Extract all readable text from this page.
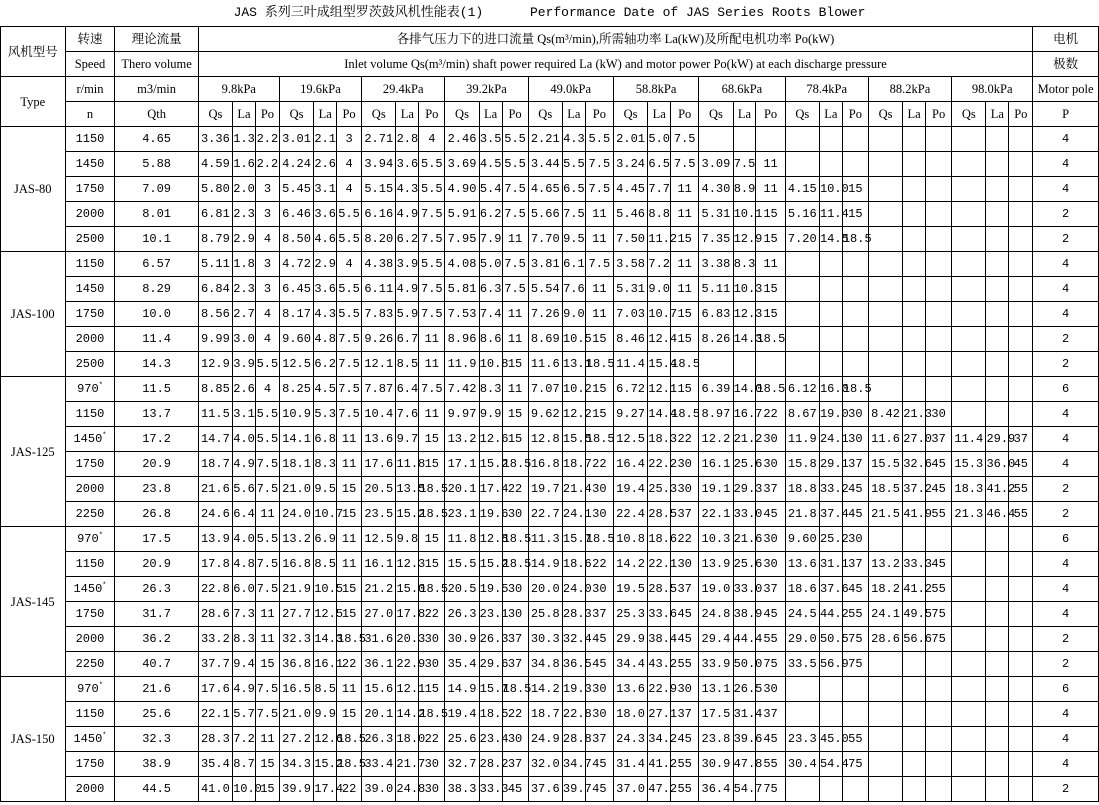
JAS 系列三叶成组型罗茨鼓风机性能表(1)      Performance Date of JAS Series Roots Blower
风机型号	转速	理论流量	各排气压力下的进口流量 Qs(m³/min),所需轴功率 La(kW)及所配电机功率 Po(kW)																														电机
	Speed	Thero volume	Inlet volume Qs(m³/min) shaft power required La (kW) and motor power Po(kW) at each discharge pressure																														极数
Type	r/min	m3/min	9.8kPa			19.6kPa			29.4kPa			39.2kPa			49.0kPa			58.8kPa			68.6kPa			78.4kPa			88.2kPa			98.0kPa			Motor pole
	n	Qth	Qs	La	Po	Qs	La	Po	Qs	La	Po	Qs	La	Po	Qs	La	Po	Qs	La	Po	Qs	La	Po	Qs	La	Po	Qs	La	Po	Qs	La	Po	P
JAS-80	1150	4.65	3.36	1.3	2.2	3.01	2.1	3	2.71	2.8	4	2.46	3.5	5.5	2.21	4.3	5.5	2.01	5.0	7.5													4
	1450	5.88	4.59	1.6	2.2	4.24	2.6	4	3.94	3.6	5.5	3.69	4.5	5.5	3.44	5.5	7.5	3.24	6.5	7.5	3.09	7.5	11										4
	1750	7.09	5.80	2.0	3	5.45	3.1	4	5.15	4.3	5.5	4.90	5.4	7.5	4.65	6.5	7.5	4.45	7.7	11	4.30	8.9	11	4.15	10.0	15							4
	2000	8.01	6.81	2.3	3	6.46	3.6	5.5	6.16	4.9	7.5	5.91	6.2	7.5	5.66	7.5	11	5.46	8.8	11	5.31	10.1	15	5.16	11.4	15							2
	2500	10.1	8.79	2.9	4	8.50	4.6	5.5	8.20	6.2	7.5	7.95	7.9	11	7.70	9.5	11	7.50	11.2	15	7.35	12.9	15	7.20	14.5	18.5							2
JAS-100	1150	6.57	5.11	1.8	3	4.72	2.9	4	4.38	3.9	5.5	4.08	5.0	7.5	3.81	6.1	7.5	3.58	7.2	11	3.38	8.3	11										4
	1450	8.29	6.84	2.3	3	6.45	3.6	5.5	6.11	4.9	7.5	5.81	6.3	7.5	5.54	7.6	11	5.31	9.0	11	5.11	10.3	15										4
	1750	10.0	8.56	2.7	4	8.17	4.3	5.5	7.83	5.9	7.5	7.53	7.4	11	7.26	9.0	11	7.03	10.7	15	6.83	12.3	15										4
	2000	11.4	9.99	3.0	4	9.60	4.8	7.5	9.26	6.7	11	8.96	8.6	11	8.69	10.5	15	8.46	12.4	15	8.26	14.3	18.5										2
	2500	14.3	12.9	3.9	5.5	12.5	6.2	7.5	12.1	8.5	11	11.9	10.8	15	11.6	13.1	18.5	11.4	15.4	18.5													2
JAS-125	970*	11.5	8.85	2.6	4	8.25	4.5	7.5	7.87	6.4	7.5	7.42	8.3	11	7.07	10.2	15	6.72	12.1	15	6.39	14.0	18.5	6.12	16.0	18.5							6
	1150	13.7	11.5	3.1	5.5	10.9	5.3	7.5	10.4	7.6	11	9.97	9.9	15	9.62	12.2	15	9.27	14.4	18.5	8.97	16.7	22	8.67	19.0	30	8.42	21.3	30				4
	1450*	17.2	14.7	4.0	5.5	14.1	6.8	11	13.6	9.7	15	13.2	12.6	15	12.8	15.5	18.5	12.5	18.3	22	12.2	21.2	30	11.9	24.1	30	11.6	27.0	37	11.4	29.9	37	4
	1750	20.9	18.7	4.9	7.5	18.1	8.3	11	17.6	11.8	15	17.1	15.2	18.5	16.8	18.7	22	16.4	22.2	30	16.1	25.6	30	15.8	29.1	37	15.5	32.6	45	15.3	36.0	45	4
	2000	23.8	21.6	5.6	7.5	21.0	9.5	15	20.5	13.5	18.5	20.1	17.4	22	19.7	21.4	30	19.4	25.3	30	19.1	29.3	37	18.8	33.2	45	18.5	37.2	45	18.3	41.2	55	2
	2250	26.8	24.6	6.4	11	24.0	10.7	15	23.5	15.2	18.5	23.1	19.6	30	22.7	24.1	30	22.4	28.5	37	22.1	33.0	45	21.8	37.4	45	21.5	41.9	55	21.3	46.4	55	2
JAS-145	970*	17.5	13.9	4.0	5.5	13.2	6.9	11	12.5	9.8	15	11.8	12.8	18.5	11.3	15.7	18.5	10.8	18.6	22	10.3	21.6	30	9.60	25.2	30							6
	1150	20.9	17.8	4.8	7.5	16.8	8.5	11	16.1	12.3	15	15.5	15.2	18.5	14.9	18.6	22	14.2	22.1	30	13.9	25.6	30	13.6	31.1	37	13.2	33.3	45				4
	1450*	26.3	22.8	6.0	7.5	21.9	10.5	15	21.2	15.0	18.5	20.5	19.5	30	20.0	24.0	30	19.5	28.5	37	19.0	33.0	37	18.6	37.6	45	18.2	41.2	55				4
	1750	31.7	28.6	7.3	11	27.7	12.5	15	27.0	17.8	22	26.3	23.1	30	25.8	28.3	37	25.3	33.6	45	24.8	38.9	45	24.5	44.2	55	24.1	49.5	75				4
	2000	36.2	33.2	8.3	11	32.3	14.3	18.5	31.6	20.3	30	30.9	26.3	37	30.3	32.4	45	29.9	38.4	45	29.4	44.4	55	29.0	50.5	75	28.6	56.6	75				2
	2250	40.7	37.7	9.4	15	36.8	16.1	22	36.1	22.9	30	35.4	29.6	37	34.8	36.5	45	34.4	43.2	55	33.9	50.0	75	33.5	56.9	75							2
JAS-150	970*	21.6	17.6	4.9	7.5	16.5	8.5	11	15.6	12.1	15	14.9	15.7	18.5	14.2	19.3	30	13.6	22.9	30	13.1	26.5	30										6
	1150	25.6	22.1	5.7	7.5	21.0	9.9	15	20.1	14.2	18.5	19.4	18.5	22	18.7	22.8	30	18.0	27.1	37	17.5	31.4	37										4
	1450*	32.3	28.3	7.2	11	27.2	12.6	18.5	26.3	18.0	22	25.6	23.4	30	24.9	28.8	37	24.3	34.2	45	23.8	39.6	45	23.3	45.0	55							4
	1750	38.9	35.4	8.7	15	34.3	15.2	18.5	33.4	21.7	30	32.7	28.2	37	32.0	34.7	45	31.4	41.2	55	30.9	47.8	55	30.4	54.4	75							4
	2000	44.5	41.0	10.0	15	39.9	17.4	22	39.0	24.8	30	38.3	33.3	45	37.6	39.7	45	37.0	47.2	55	36.4	54.7	75										2
